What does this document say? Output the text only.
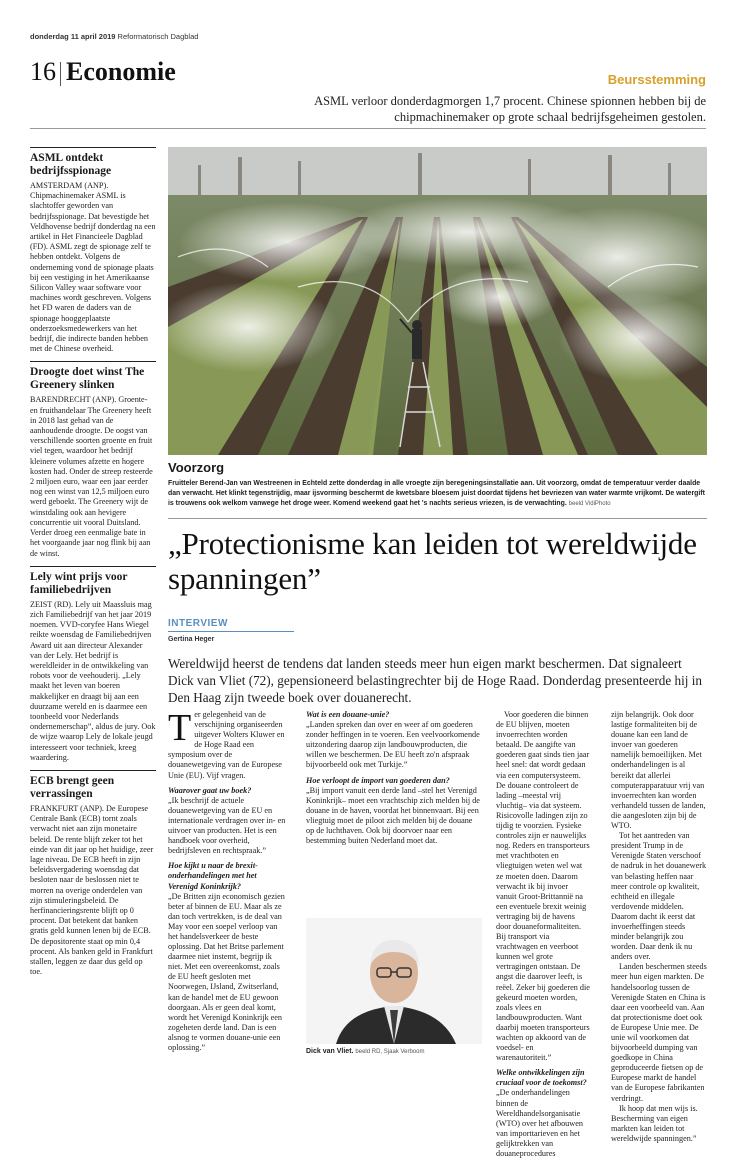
donderdag 11 april 2019 Reformatorisch Dagblad
16 Economie	Beursstemming
ASML verloor donderdagmorgen 1,7 procent. Chinese spionnen hebben bij de chipmachinemaker op grote schaal bedrijfsgeheimen gestolen.
ASML ontdekt bedrijfsspionage

AMSTERDAM (ANP). Chipmachinemaker ASML is slachtoffer geworden van bedrijfsspionage. Dat bevestigde het Veldhovense bedrijf donderdag na een artikel in Het Financieele Dagblad (FD). ASML zegt de spionage zelf te hebben ontdekt. Volgens de onderneming vond de spionage plaats bij een vestiging in het Amerikaanse Silicon Valley waar software voor machines wordt geschreven. Volgens het FD waren de daders van de spionage hooggeplaatste onderzoeksmedewerkers van het bedrijf, die indirecte banden hebben met de Chinese overheid.

Droogte doet winst The Greenery slinken

BARENDRECHT (ANP). Groente- en fruithandelaar The Greenery heeft in 2018 last gehad van de aanhoudende droogte. De oogst van verschillende soorten groente en fruit viel tegen, waardoor het bedrijf kleinere volumes afzette en hogere kosten had. Onder de streep resteerde 2 miljoen euro, waar een jaar eerder nog een winst van 12,5 miljoen euro werd geboekt. The Greenery wijt de winstdaling ook aan hevigere concurrentie uit vooral Duitsland. Verder droeg een eenmalige bate in het voorgaande jaar nog flink bij aan de winst.

Lely wint prijs voor familiebedrijven

ZEIST (RD). Lely uit Maassluis mag zich Familiebedrijf van het jaar 2019 noemen. VVD-coryfee Hans Wiegel reikte woensdag de Familiebedrijven Award uit aan directeur Alexander van der Lely. Het bedrijf is wereldleider in de ontwikkeling van robots voor de veehouderij. „Lely maakt het leven van boeren makkelijker en draagt bij aan een duurzame wereld en is daarmee een toonbeeld voor Nederlands ondernemerschap”, aldus de jury. Ook de wijze waarop Lely de lokale jeugd interesseert voor techniek, kreeg waardering.

ECB brengt geen verrassingen

FRANKFURT (ANP). De Europese Centrale Bank (ECB) tornt zoals verwacht niet aan zijn monetaire beleid. De rente blijft zeker tot het einde van dit jaar op het huidige, zeer lage niveau. De ECB heeft in zijn beleidsvergadering woensdag dat besloten naar de beslossen niet te morren na overige onderdelen van zijn stimuleringsbeleid. De herfinancieringsrente blijft op 0 procent. Dat betekent dat banken gratis geld kunnen lenen bij de ECB. De depositorente staat op min 0,4 procent. Als banken geld in Frankfurt stallen, leggen ze daar dus geld op toe.

Voorzorg
Fruitteler Berend-Jan van Westreenen in Echteld zette donderdag in alle vroegte zijn beregeningsinstallatie aan. Uit voorzorg, omdat de temperatuur verder daalde dan verwacht. Het klinkt tegenstrijdig, maar ijsvorming beschermt de kwetsbare bloesem juist doordat tijdens het bevriezen van water warmte vrijkomt. De watergift is trouwens ook welkom vanwege het droge weer. Komend weekend gaat het 's nachts serieus vriezen, is de verwachting. beeld VidiPhoto
„Protectionisme kan leiden tot wereldwijde spanningen”
INTERVIEW
Gertina Heger
Wereldwijd heerst de tendens dat landen steeds meer hun eigen markt beschermen. Dat signaleert Dick van Vliet (72), gepensioneerd belastingrechter bij de Hoge Raad. Donderdag presenteerde hij in Den Haag zijn tweede boek over douanerecht.

Ter gelegenheid van de verschijning organiseerden uitgever Wolters Kluwer en de Hoge Raad een symposium over de douanewetgeving van de Europese Unie (EU). Vijf vragen.

Waarover gaat uw boek?

„Ik beschrijf de actuele douanewetgeving van de EU en internationale verdragen over in- en uitvoer van producten. Het is een handboek voor overheid, bedrijfsleven en rechtspraak.”

Hoe kijkt u naar de brexit-onderhandelingen met het Verenigd Koninkrijk?

„De Britten zijn economisch gezien beter af binnen de EU. Maar als ze dan toch vertrekken, is de deal van May voor een soepel verloop van het handelsverkeer de beste oplossing. Dat het Britse parlement daarmee niet instemt, begrijp ik niet. Met een overeenkomst, zoals de EU heeft gesloten met Noorwegen, IJsland, Zwitserland, kan de handel met de EU gewoon doorgaan. Als er geen deal komt, wordt het Verenigd Koninkrijk een zogeheten derde land. Dan is een alsnog te vormen douane-unie een oplossing.”

Wat is een douane-unie?

„Landen spreken dan over en weer af om goederen zonder heffingen in te voeren. Een veelvoorkomende uitzondering daarop zijn landbouwproducten, die willen we beschermen. De EU heeft zo'n afspraak bijvoorbeeld ook met Turkije.”

Hoe verloopt de import van goederen dan?

„Bij import vanuit een derde land –stel het Verenigd Koninkrijk– moet een vrachtschip zich melden bij de douane in de haven, voordat het binnenvaart. Bij een vliegtuig moet de piloot zich melden bij de douane op de luchthaven. Ook bij doorvoer naar een bestemming buiten Nederland moet dat.

Dick van Vliet. beeld RD, Sjaak Verboom

Voor goederen die binnen de EU blijven, moeten invoerrechten worden betaald. De aangifte van goederen gaat sinds tien jaar heel snel: dat wordt gedaan via een computersysteem. De douane controleert de lading –meestal vrij vluchtig– via dat systeem. Risicovolle ladingen zijn zo tijdig te voorzien. Fysieke controles zijn er nauwelijks nog. Reders en transporteurs met vrachtboten en vliegtuigen weten wel wat ze moeten doen. Daarom verwacht ik bij invoer vanuit Groot-Brittannië na een eventuele brexit weinig vertraging bij de havens door douaneformaliteiten. Bij transport via vrachtwagen en veerboot kunnen wel grote vertragingen ontstaan. De angst die daarover leeft, is reëel. Zeker bij goederen die gekeurd moeten worden, zoals vlees en landbouwproducten. Want daarbij moeten transporteurs wachten op akkoord van de voedsel- en warenautoriteit.”

Welke ontwikkelingen zijn cruciaal voor de toekomst?

„De onderhandelingen binnen de Wereldhandelsorganisatie (WTO) over het afbouwen van importtarieven en het gelijktrekken van douaneprocedures

zijn belangrijk. Ook door lastige formaliteiten bij de douane kan een land de invoer van goederen namelijk bemoeilijken. Met onderhandelingen is al bereikt dat allerlei computerapparatuur vrij van invoerrechten kan worden verhandeld tussen de landen, die aangesloten zijn bij de WTO.

Tot het aantreden van president Trump in de Verenigde Staten verschoof de nadruk in het douanewerk van belasting heffen naar meer controle op kwaliteit, echtheid en illegale verdovende middelen. Daarom dacht ik eerst dat invoerheffingen steeds minder belangrijk zou worden. Daar denk ik nu anders over.

Landen beschermen steeds meer hun eigen markten. De handelsoorlog tussen de Verenigde Staten en China is daar een voorbeeld van. Aan dat protectionisme doet ook de Europese Unie mee. De unie wil voorkomen dat bijvoorbeeld dumping van goedkope in China geproduceerde fietsen op de Europese markt de handel van de Europese fabrikanten verdringt.

Ik hoop dat men wijs is. Bescherming van eigen markten kan leiden tot wereldwijde spanningen.”
